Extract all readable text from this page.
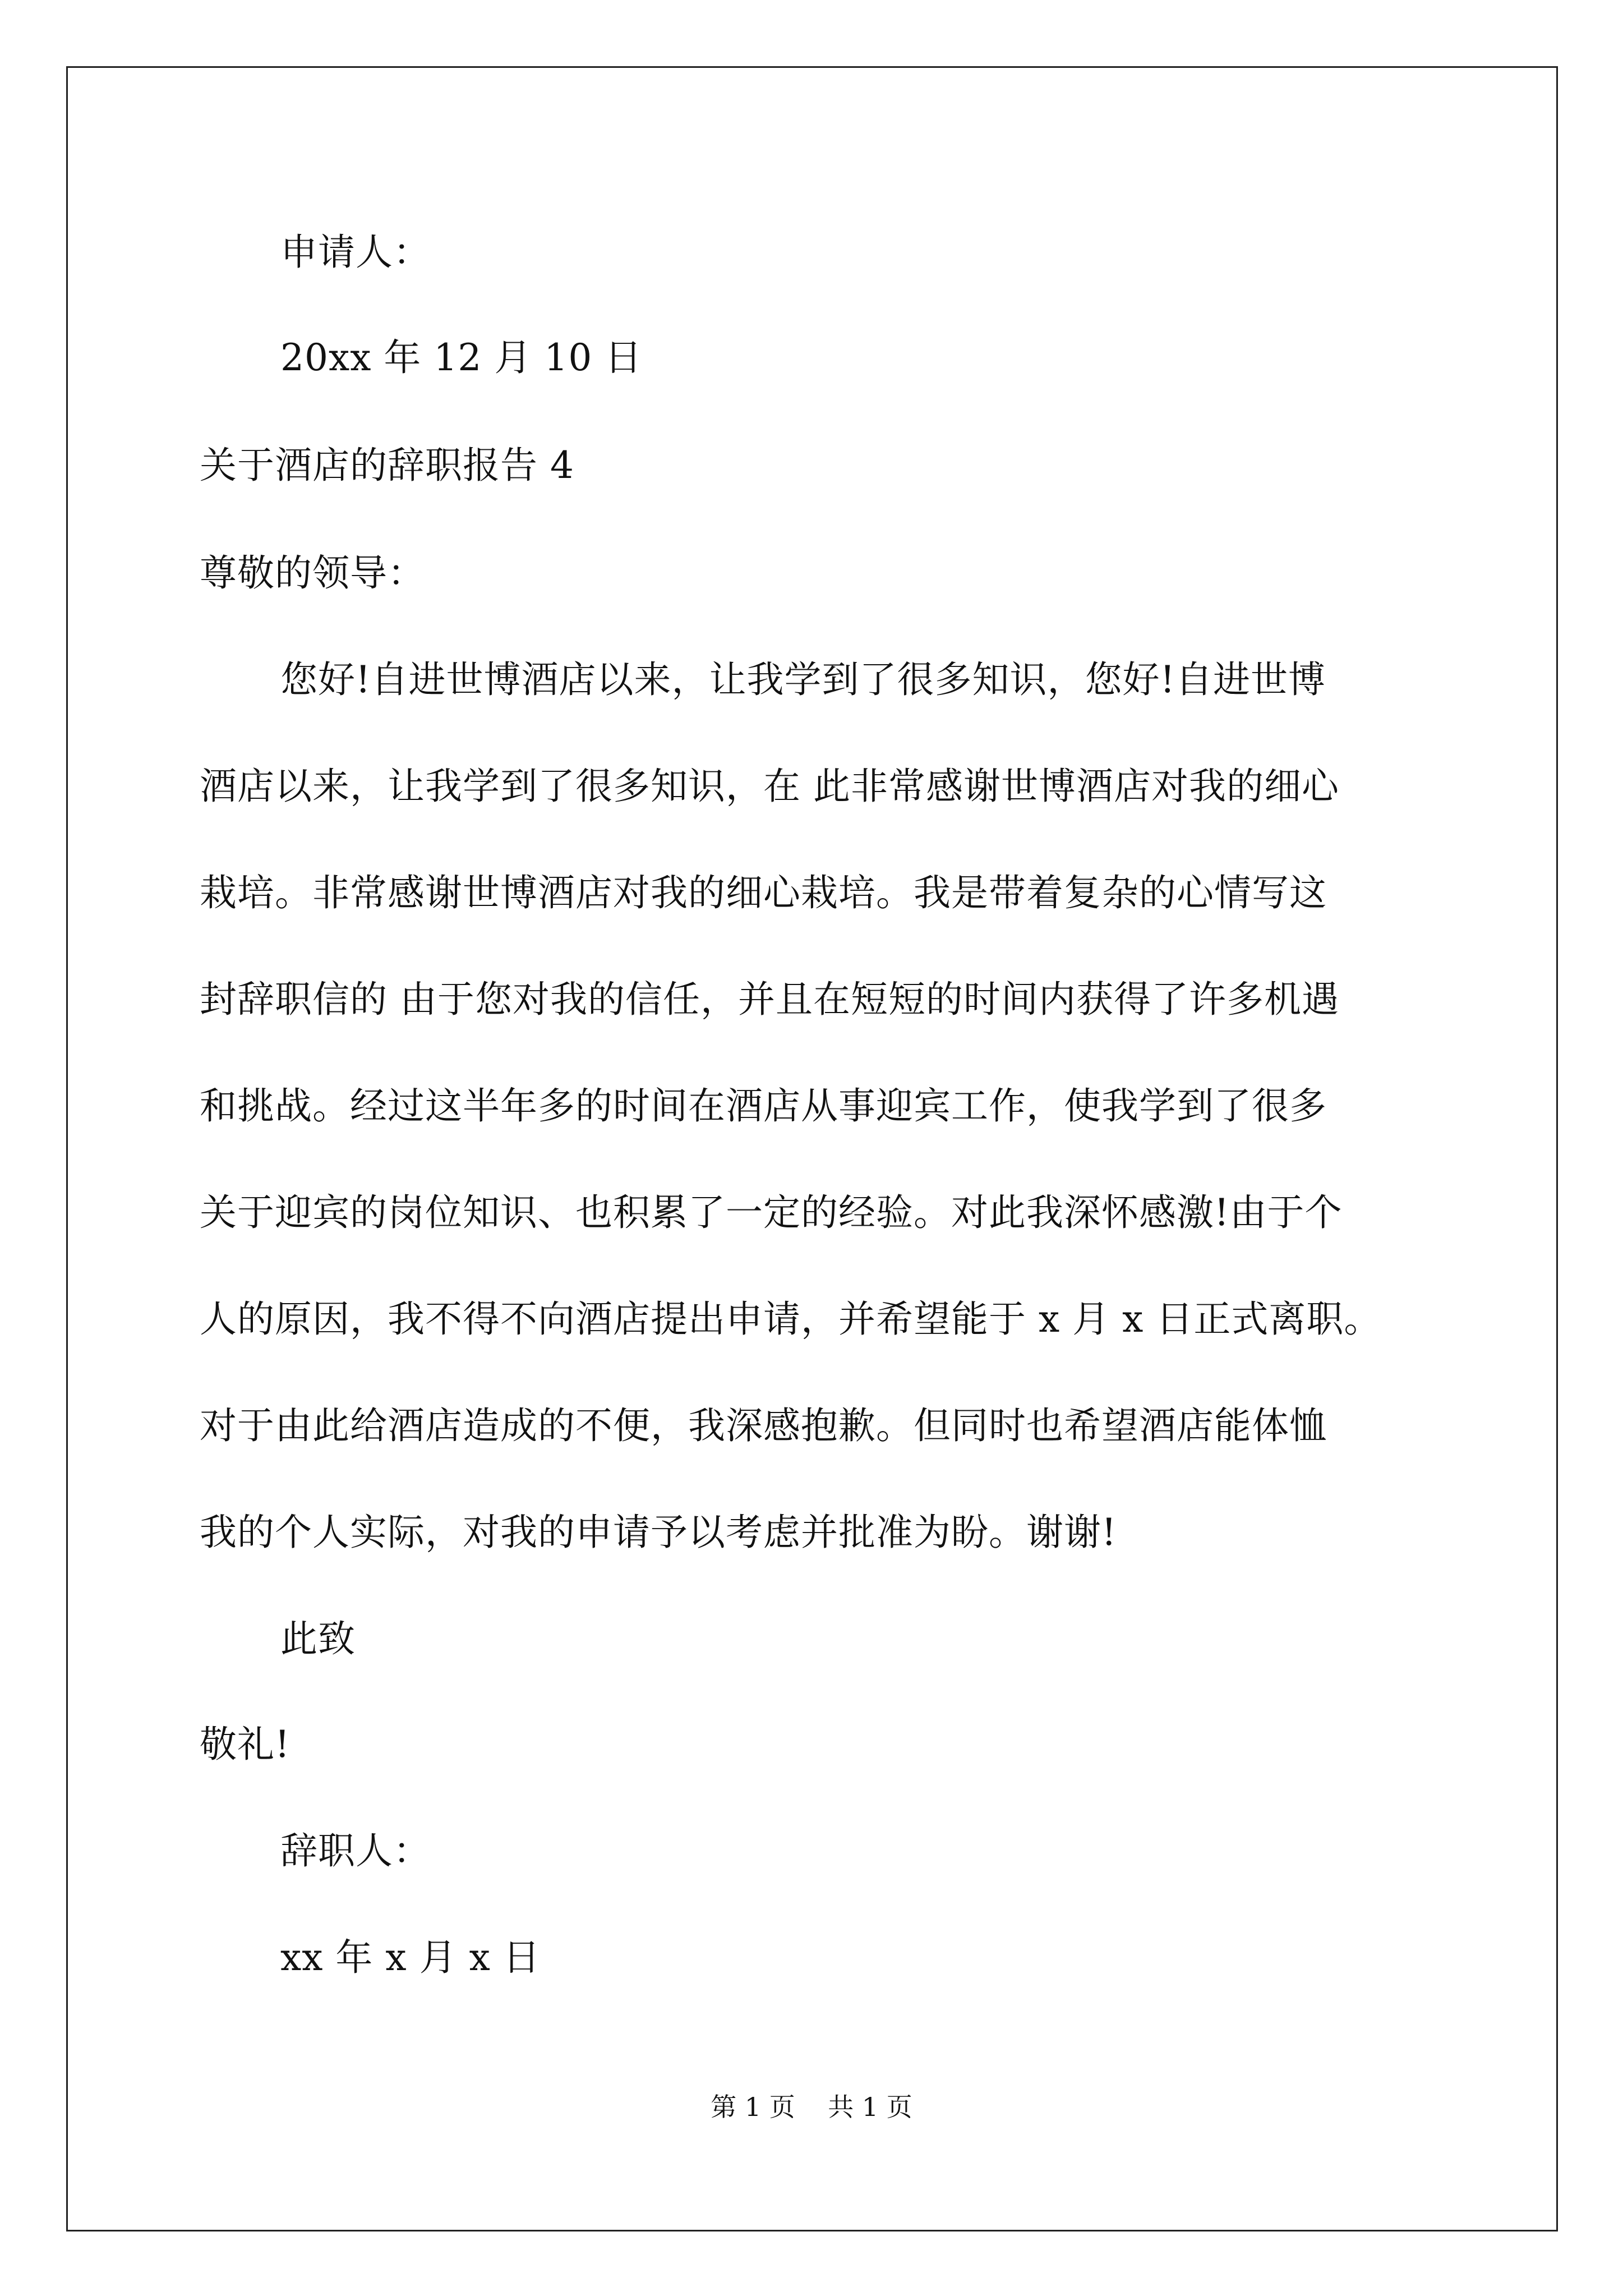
申请人：
20xx 年 12 月 10 日
关于酒店的辞职报告 4
尊敬的领导：
您好!自进世博酒店以来，让我学到了很多知识，您好!自进世博
酒店以来，让我学到了很多知识，在 此非常感谢世博酒店对我的细心
栽培。非常感谢世博酒店对我的细心栽培。我是带着复杂的心情写这
封辞职信的 由于您对我的信任，并且在短短的时间内获得了许多机遇
和挑战。经过这半年多的时间在酒店从事迎宾工作，使我学到了很多
关于迎宾的岗位知识、也积累了一定的经验。对此我深怀感激!由于个
人的原因，我不得不向酒店提出申请，并希望能于 x 月 x 日正式离职。
对于由此给酒店造成的不便，我深感抱歉。但同时也希望酒店能体恤
我的个人实际，对我的申请予以考虑并批准为盼。谢谢!
此致
敬礼!
辞职人：
xx 年 x 月 x 日
第 1 页    共 1 页
